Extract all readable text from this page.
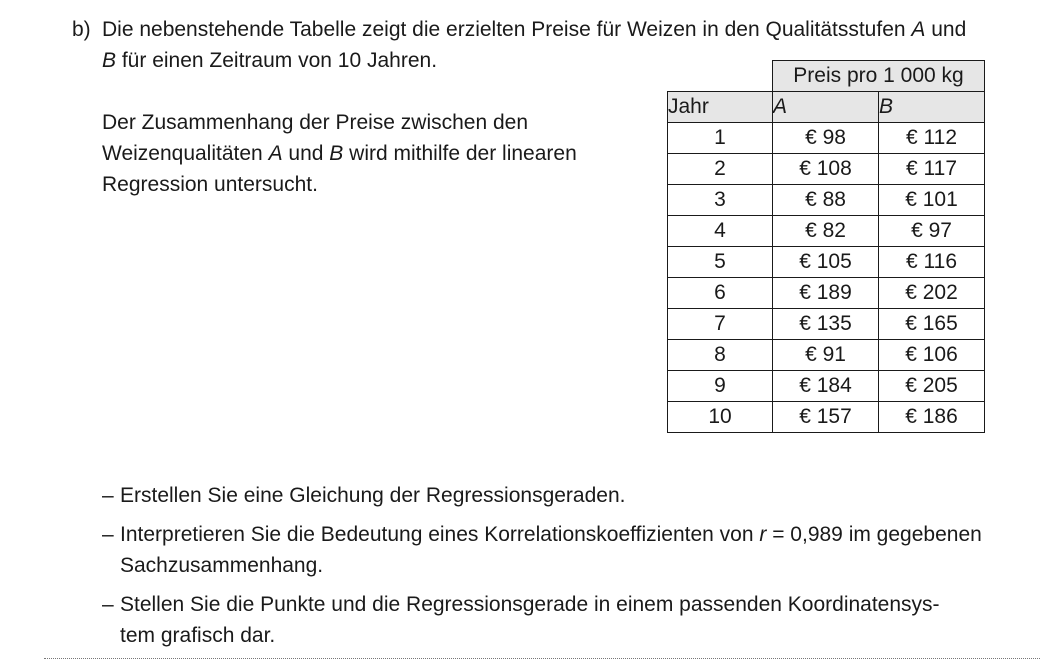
b) Die nebenstehende Tabelle zeigt die erzielten Preise für Weizen in den Qualitätsstufen A und B für einen Zeitraum von 10 Jahren.
Der Zusammenhang der Preise zwischen den Weizenqualitäten A und B wird mithilfe der linearen Regression untersucht.
	Preis pro 1 000 kg	
Jahr	A	B
1	€ 98	€ 112
2	€ 108	€ 117
3	€ 88	€ 101
4	€ 82	€ 97
5	€ 105	€ 116
6	€ 189	€ 202
7	€ 135	€ 165
8	€ 91	€ 106
9	€ 184	€ 205
10	€ 157	€ 186
– Erstellen Sie eine Gleichung der Regressionsgeraden.
– Interpretieren Sie die Bedeutung eines Korrelationskoeffizienten von r = 0,989 im gegebenen Sachzusammenhang.
– Stellen Sie die Punkte und die Regressionsgerade in einem passenden Koordinatensys-
tem grafisch dar.
